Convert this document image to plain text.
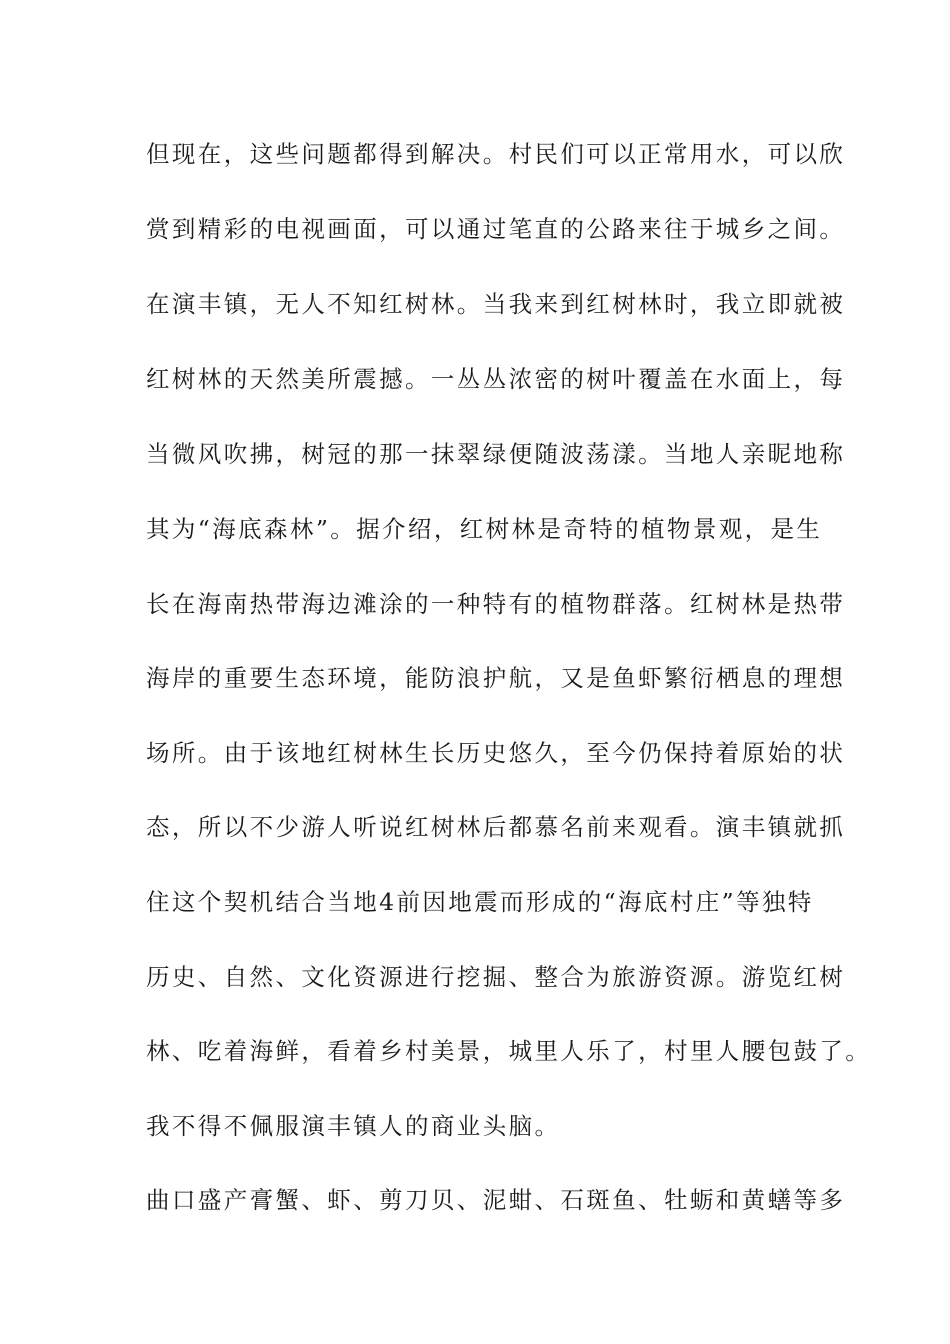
但现在，这些问题都得到解决。村民们可以正常用水，可以欣
赏到精彩的电视画面，可以通过笔直的公路来往于城乡之间。
在演丰镇，无人不知红树林。当我来到红树林时，我立即就被
红树林的天然美所震撼。一丛丛浓密的树叶覆盖在水面上，每
当微风吹拂，树冠的那一抹翠绿便随波荡漾。当地人亲昵地称
其为“海底森林”。据介绍，红树林是奇特的植物景观，是生
长在海南热带海边滩涂的一种特有的植物群落。红树林是热带
海岸的重要生态环境，能防浪护航，又是鱼虾繁衍栖息的理想
场所。由于该地红树林生长历史悠久，至今仍保持着原始的状
态，所以不少游人听说红树林后都慕名前来观看。演丰镇就抓
住这个契机结合当地4前因地震而形成的“海底村庄”等独特
历史、自然、文化资源进行挖掘、整合为旅游资源。游览红树
林、吃着海鲜，看着乡村美景，城里人乐了，村里人腰包鼓了。
我不得不佩服演丰镇人的商业头脑。
曲口盛产膏蟹、虾、剪刀贝、泥蚶、石斑鱼、牡蛎和黄蟮等多
